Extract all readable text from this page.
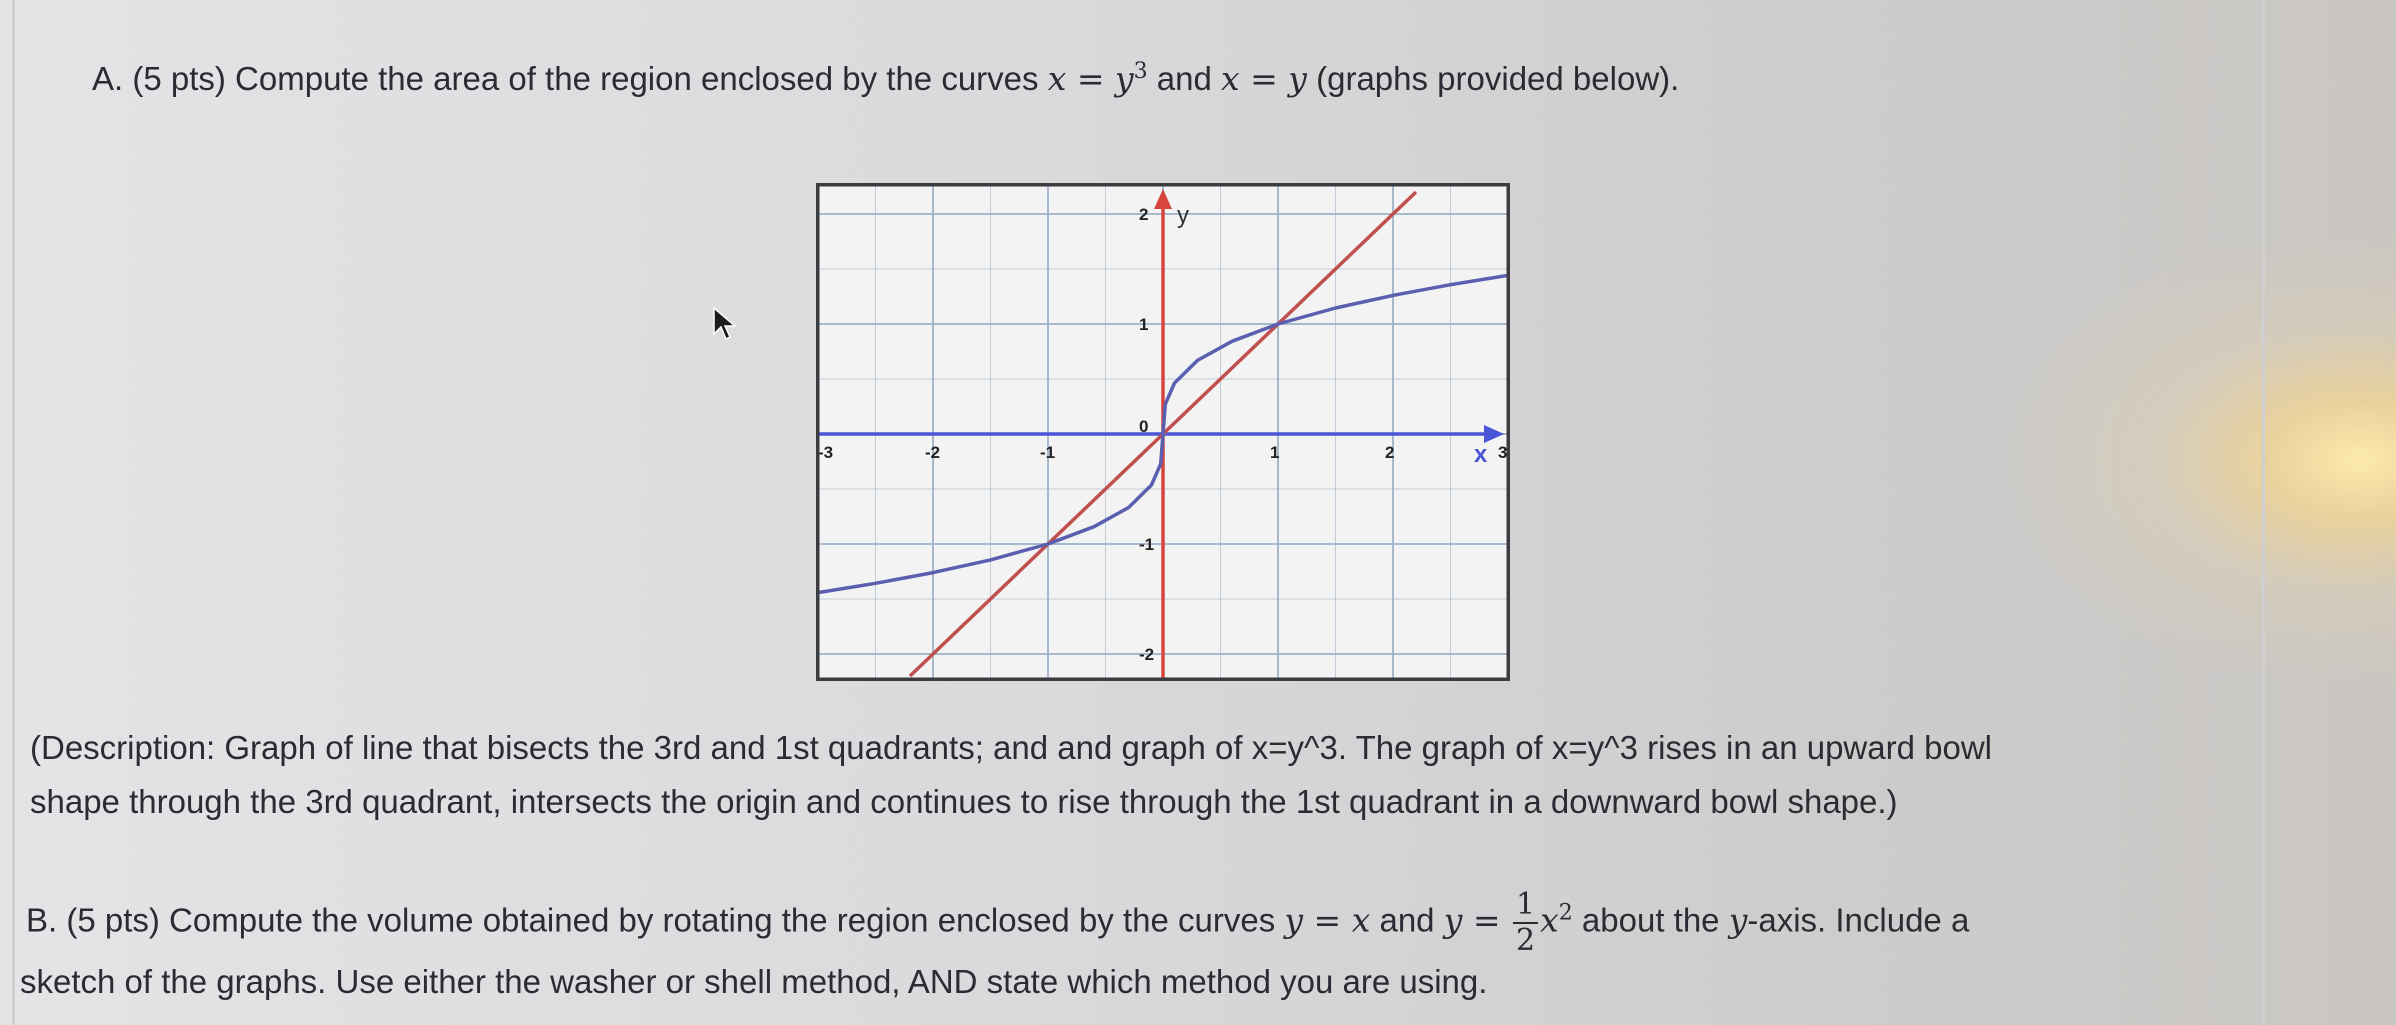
A. (5 pts) Compute the area of the region enclosed by the curves $x = y^3$ and x = y (graphs provided below).
-3	-2	-1	1	2	3
2
1
0
-1
-2
y
x
(Description: Graph of line that bisects the 3rd and 1st quadrants; and and graph of x=y^3. The graph of x=y^3 rises in an upward bowl
shape through the 3rd quadrant, intersects the origin and continues to rise through the 1st quadrant in a downward bowl shape.)
B. (5 pts) Compute the volume obtained by rotating the region enclosed by the curves y = x and $y = \frac{1}{2} x^2$ about the y-axis. Include a
sketch of the graphs. Use either the washer or shell method, AND state which method you are using.
